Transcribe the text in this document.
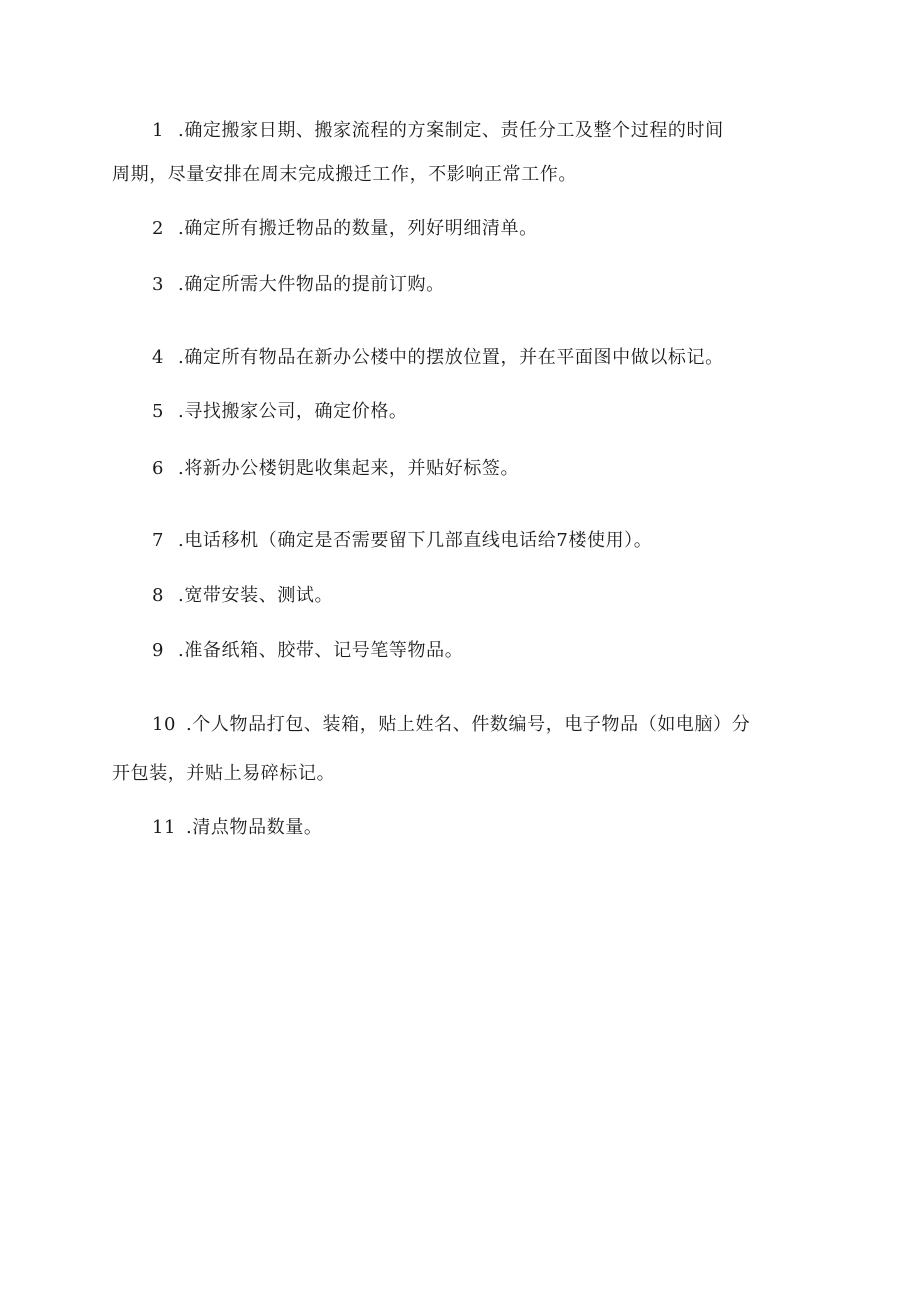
1 .确定搬家日期、搬家流程的方案制定、责任分工及整个过程的时间
周期，尽量安排在周末完成搬迁工作，不影响正常工作。
2 .确定所有搬迁物品的数量，列好明细清单。
3 .确定所需大件物品的提前订购。
4 .确定所有物品在新办公楼中的摆放位置，并在平面图中做以标记。
5 .寻找搬家公司，确定价格。
6 .将新办公楼钥匙收集起来，并贴好标签。
7 .电话移机（确定是否需要留下几部直线电话给7楼使用）。
8 .宽带安装、测试。
9 .准备纸箱、胶带、记号笔等物品。
10 .个人物品打包、装箱，贴上姓名、件数编号，电子物品（如电脑）分
开包装，并贴上易碎标记。
11 .清点物品数量。
